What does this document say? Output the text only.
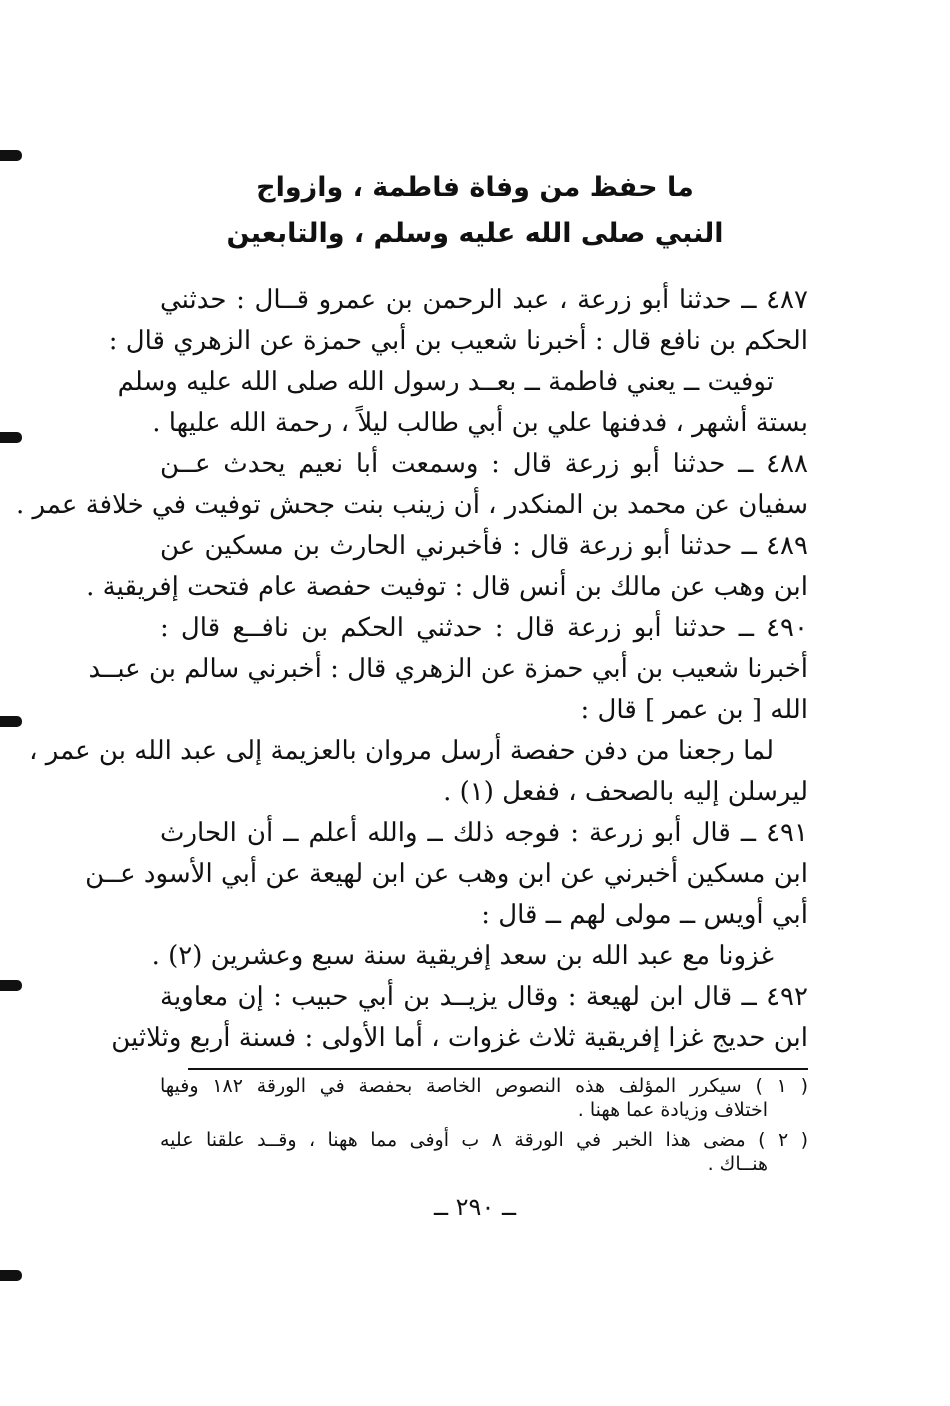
ما حفظ من وفاة فاطمة ، وازواج
النبي صلى الله عليه وسلم ، والتابعين
٤٨٧ ــ حدثنا أبو زرعة ، عبد الرحمن بن عمرو قــال : حدثني
الحكم بن نافع قال : أخبرنا شعيب بن أبي حمزة عن الزهري قال :
توفيت ــ يعني فاطمة ــ بعــد رسول الله صلى الله عليه وسلم
بستة أشهر ، فدفنها علي بن أبي طالب ليلاً ، رحمة الله عليها .
٤٨٨ ــ حدثنا أبو زرعة قال : وسمعت أبا نعيم يحدث عــن
سفيان عن محمد بن المنكدر ، أن زينب بنت جحش توفيت في خلافة عمر .
٤٨٩ ــ حدثنا أبو زرعة قال : فأخبرني الحارث بن مسكين عن
ابن وهب عن مالك بن أنس قال : توفيت حفصة عام فتحت إفريقية .
٤٩٠ ــ حدثنا أبو زرعة قال : حدثني الحكم بن نافــع قال :
أخبرنا شعيب بن أبي حمزة عن الزهري قال : أخبرني سالم بن عبــد
الله [ بن عمر ] قال :
لما رجعنا من دفن حفصة أرسل مروان بالعزيمة إلى عبد الله بن عمر ،
ليرسلن إليه بالصحف ، ففعل (١) .
٤٩١ ــ قال أبو زرعة : فوجه ذلك ــ والله أعلم ــ أن الحارث
ابن مسكين أخبرني عن ابن وهب عن ابن لهيعة عن أبي الأسود عــن
أبي أويس ــ مولى لهم ــ قال :
غزونا مع عبد الله بن سعد إفريقية سنة سبع وعشرين (٢) .
٤٩٢ ــ قال ابن لهيعة : وقال يزيــد بن أبي حبيب : إن معاوية
ابن حديج غزا إفريقية ثلاث غزوات ، أما الأولى : فسنة أربع وثلاثين
( ١ ) سيكرر المؤلف هذه النصوص الخاصة بحفصة في الورقة ١٨٢ وفيها
اختلاف وزيادة عما ههنا .
( ٢ ) مضى هذا الخبر في الورقة ٨ ب أوفى مما ههنا ، وقــد علقنا عليه
هنــاك .
ــ ٢٩٠ ــ
